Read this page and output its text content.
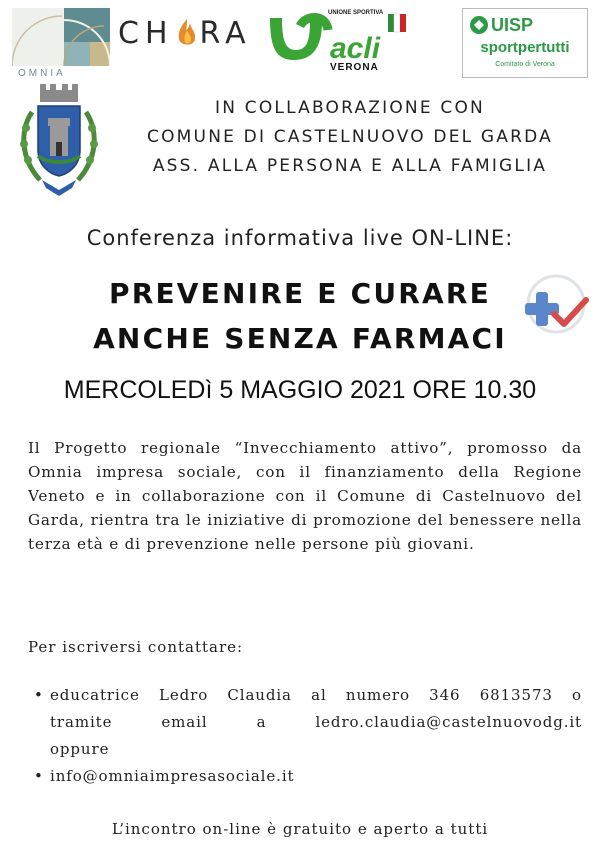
OMNIA
CH RA	acli
UNIONE SPORTIVA
VERONA
UISP
sportpertutti
Comitato di Verona
IN COLLABORAZIONE CON
COMUNE DI CASTELNUOVO DEL GARDA
ASS. ALLA PERSONA E ALLA FAMIGLIA
Conferenza informativa live ON-LINE:
PREVENIRE E CURARE
ANCHE SENZA FARMACI
MERCOLEDì 5 MAGGIO 2021 ORE 10.30
Il Progetto regionale “Invecchiamento attivo”, promosso da Omnia impresa sociale, con il finanziamento della Regione Veneto e in collaborazione con il Comune di Castelnuovo del Garda, rientra tra le iniziative di promozione del benessere nella terza età e di prevenzione nelle persone più giovani.
Per iscriversi contattare:
• educatrice Ledro Claudia al numero 346 6813573 o
tramite email a ledro.claudia@castelnuovodg.it
oppure
• info@omniaimpresasociale.it
L’incontro on-line è gratuito e aperto a tutti
